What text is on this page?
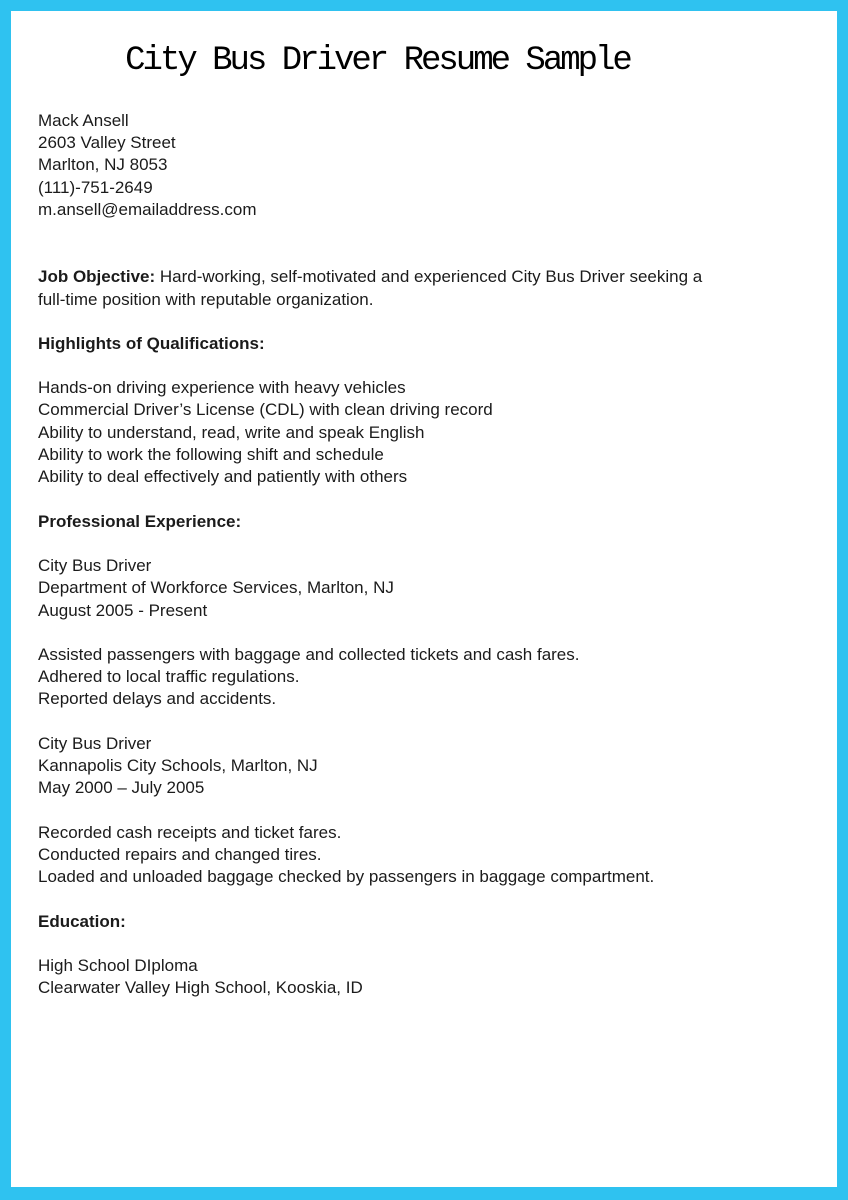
City Bus Driver Resume Sample
Mack Ansell
2603 Valley Street
Marlton, NJ 8053
(111)-751-2649
m.ansell@emailaddress.com
Job Objective: Hard-working, self-motivated and experienced City Bus Driver seeking a
full-time position with reputable organization.
Highlights of Qualifications:
Hands-on driving experience with heavy vehicles
Commercial Driver’s License (CDL) with clean driving record
Ability to understand, read, write and speak English
Ability to work the following shift and schedule
Ability to deal effectively and patiently with others
Professional Experience:
City Bus Driver
Department of Workforce Services, Marlton, NJ
August 2005 - Present
Assisted passengers with baggage and collected tickets and cash fares.
Adhered to local traffic regulations.
Reported delays and accidents.
City Bus Driver
Kannapolis City Schools, Marlton, NJ
May 2000 – July 2005
Recorded cash receipts and ticket fares.
Conducted repairs and changed tires.
Loaded and unloaded baggage checked by passengers in baggage compartment.
Education:
High School DIploma
Clearwater Valley High School, Kooskia, ID
